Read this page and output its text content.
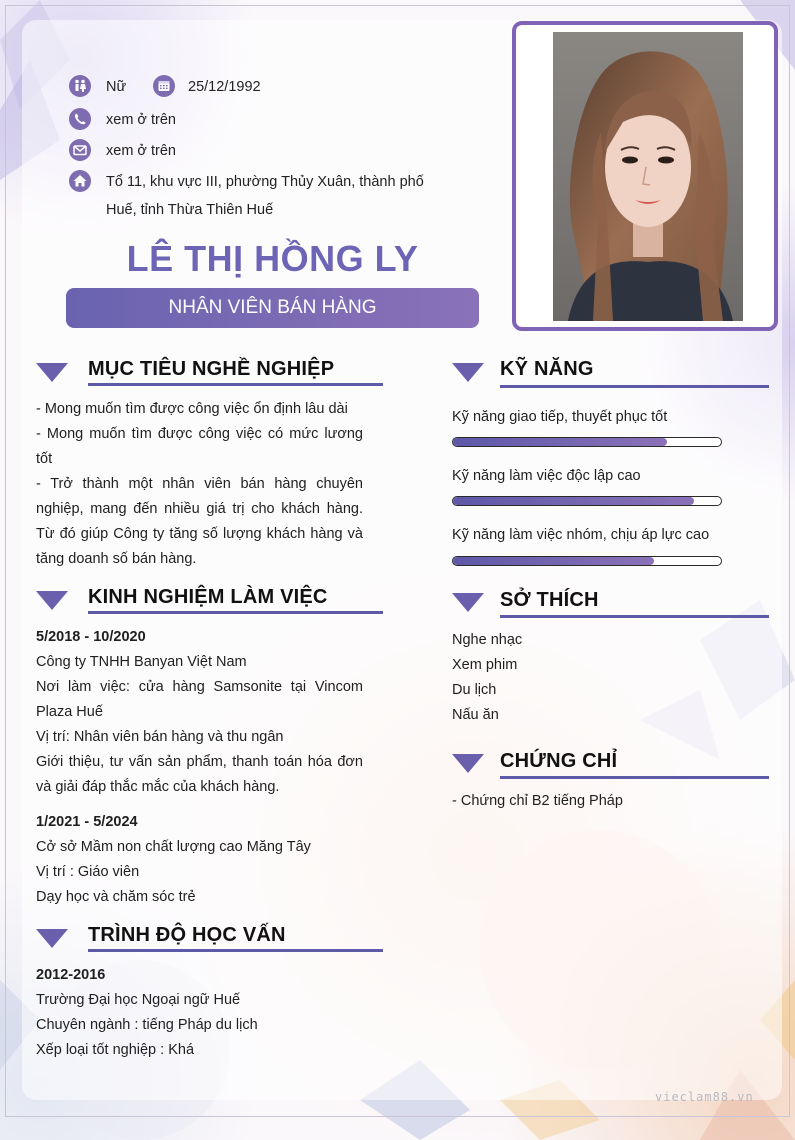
Nữ	25/12/1992
xem ở trên
xem ở trên
Tổ 11, khu vực III, phường Thủy Xuân, thành phố
Huế, tỉnh Thừa Thiên Huế
LÊ THỊ HỒNG LY
NHÂN VIÊN BÁN HÀNG
MỤC TIÊU NGHỀ NGHIỆP
- Mong muốn tìm được công việc ổn định lâu dài
- Mong muốn tìm được công việc có mức lương tốt
- Trở thành một nhân viên bán hàng chuyên nghiệp, mang đến nhiều giá trị cho khách hàng. Từ đó giúp Công ty tăng số lượng khách hàng và tăng doanh số bán hàng.
KINH NGHIỆM LÀM VIỆC
5/2018 - 10/2020
Công ty TNHH Banyan Việt Nam
Nơi làm việc: cửa hàng Samsonite tại Vincom Plaza Huế
Vị trí: Nhân viên bán hàng và thu ngân
Giới thiệu, tư vấn sản phẩm, thanh toán hóa đơn và giải đáp thắc mắc của khách hàng.
1/2021 - 5/2024
Cở sở Mầm non chất lượng cao Măng Tây
Vị trí : Giáo viên
Dạy học và chăm sóc trẻ
TRÌNH ĐỘ HỌC VẤN
2012-2016
Trường Đại học Ngoại ngữ Huế
Chuyên ngành : tiếng Pháp du lịch
Xếp loại tốt nghiệp : Khá
KỸ NĂNG
Kỹ năng giao tiếp, thuyết phục tốt
Kỹ năng làm việc độc lập cao
Kỹ năng làm việc nhóm, chịu áp lực cao
SỞ THÍCH
Nghe nhạc
Xem phim
Du lịch
Nấu ăn
CHỨNG CHỈ
- Chứng chỉ B2 tiếng Pháp
vieclam88.vn
